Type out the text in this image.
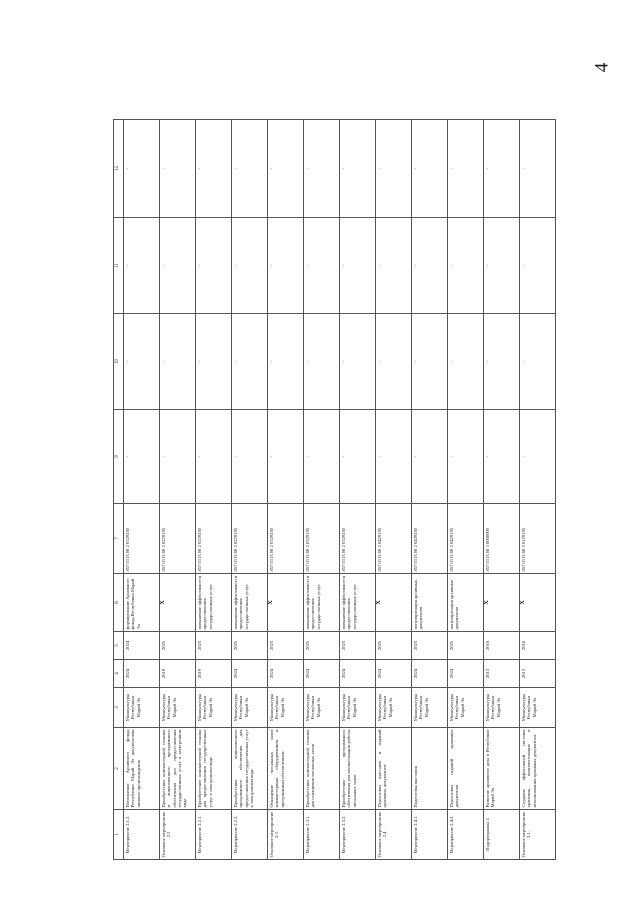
4
1	2	3	4	5	6	7	9	10	11	12
Мероприятие 2.1.2.	Пополнение Архивного фонда Республики Марий Эл документами личного происхождения	Минкультуры Республики Марий Эл	2024	2024	формирование Архивного фонда Республики Марий Эл	857 0113 08 2 0129130	-	-	-	-
Основное мероприятие 2.2	Приобретение компьютерной техники и лицензионного программного обеспечения для предоставления государственных услуг в электронном виде	Минкультуры Республики Марий Эл	2019	2025	Х	857 0113 08 2 0229130	-	-	-	-
Мероприятие 2.2.1.	Приобретение компьютерной техники для предоставления государственных услуг в электронном виде	Минкультуры Республики Марий Эл	2019	2025	повышение эффективности предоставления государственных услуг	857 0113 08 2 0229130	-	-	-	-
Мероприятие 2.2.2.	Приобретение лицензионного программного обеспечения для предоставления государственных услуг в электронном виде	Минкультуры Республики Марий Эл	2024	2025	повышение эффективности предоставления государственных услуг	857 0113 08 2 0229130	-	-	-	-
Основное мероприятие 2.3.	Оснащение читальных залов компьютерным оборудованием и программным обеспечением	Минкультуры Республики Марий Эл	2024	2025	Х	857 0113 08 2 0329130	-	-	-	-
Мероприятие 2.3.1.	Приобретение компьютерной техники для оснащения читальных залов	Минкультуры Республики Марий Эл	2024	2025	повышение эффективности предоставления государственных услуг	857 0113 08 2 0329130	-	-	-	-
Мероприятие 2.3.2.	Приобретение программного обеспечения для автоматизации работы читальных залов	Минкультуры Республики Марий Эл	2024	2025	повышение эффективности предоставления государственных услуг	857 0113 08 2 0329130	-	-	-	-
Основное мероприятие 2.4	Подготовка выставок и изданий архивных документов	Минкультуры Республики Марий Эл	2024	2025	Х	857 0113 08 2 0429130	-	-	-	-
Мероприятие 2.4.1.	Подготовка выставок	Минкультуры Республики Марий Эл	2024	2025	популяризация архивных документов	857 0113 08 2 0429130	-	-	-	-
Мероприятие 2.4.2.	Подготовка изданий архивных документов	Минкультуры Республики Марий Эл	2024	2025	популяризация архивных документов	857 0113 08 2 0429130	-	-	-	-
Подпрограмма 3	Развитие архивного дела в Республике Марий Эл	Минкультуры Республики Марий Эл	2013	2016	Х	857 0113 08 3 0000000	-	-	-	-
Основное мероприятие 3.1.	Создание эффективной системы хранения, комплектования и использования архивных документов	Минкультуры Республики Марий Эл	2013	2016	Х	857 0113 08 3 0129130	-	-	-	-
